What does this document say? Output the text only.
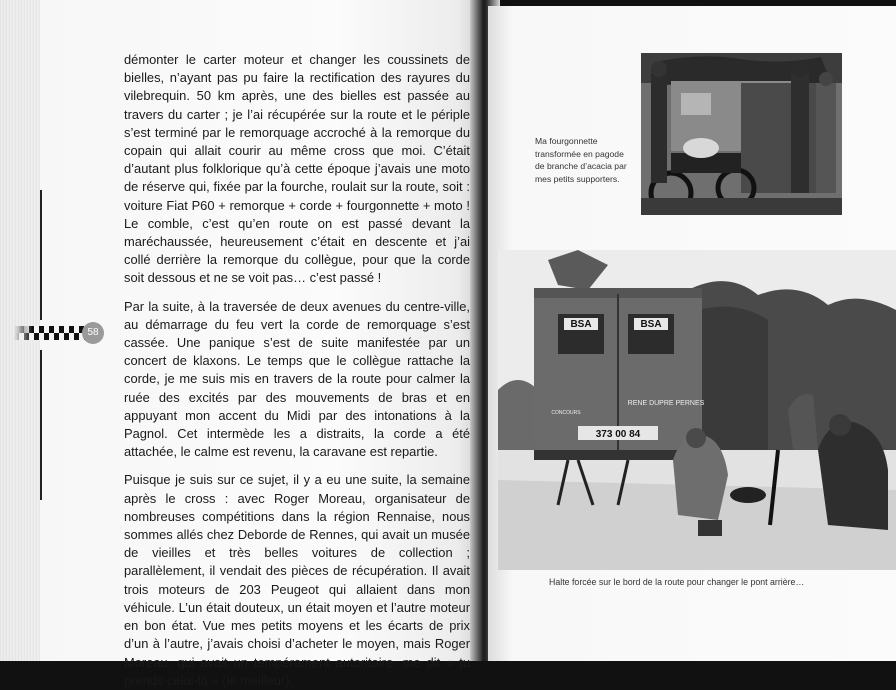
58

démonter le carter moteur et changer les coussinets de bielles, n’ayant pas pu faire la rectification des rayures du vilebrequin. 50 km après, une des bielles est passée au travers du carter ; je l’ai récupérée sur la route et le périple s’est terminé par le remorquage accroché à la remorque du copain qui allait courir au même cross que moi. C’était d’autant plus folklorique qu’à cette époque j’avais une moto de réserve qui, fixée par la fourche, roulait sur la route, soit : voiture Fiat P60 + remorque + corde + fourgonnette + moto ! Le comble, c’est qu’en route on est passé devant la maréchaussée, heureusement c’était en descente et j’ai collé derrière la remorque du collègue, pour que la corde soit dessous et ne se voit pas… c’est passé !

Par la suite, à la traversée de deux avenues du centre-ville, au démarrage du feu vert la corde de remorquage s’est cassée. Une panique s’est de suite manifestée par un concert de klaxons. Le temps que le collègue rattache la corde, je me suis mis en travers de la route pour calmer la ruée des excités par des mouvements de bras et en appuyant mon accent du Midi par des intonations à la Pagnol. Cet intermède les a distraits, la corde a été attachée, le calme est revenu, la caravane est repartie.

Puisque je suis sur ce sujet, il y a eu une suite, la semaine après le cross : avec Roger Moreau, organisateur de nombreuses compétitions dans la région Rennaise, nous sommes allés chez Deborde de Rennes, qui avait un musée de vieilles et très belles voitures de collection ; parallèlement, il vendait des pièces de récupération. Il avait trois moteurs de 203 Peugeot qui allaient dans mon véhicule. L’un était douteux, un était moyen et l’autre moteur en bon état. Vue mes petits moyens et les écarts de prix d’un à l’autre, j’avais choisi d’acheter le moyen, mais Roger Moreau, qui avait un tempérament autoritaire, me dit « tu prends celui-là » (le meilleur).

Ma fourgonnette transformée en pagode de branche d’acacia par mes petits supporters.
BSA	BSA
RENE DUPRE PERNES
CONCOURS
373 00 84
Halte forcée sur le bord de la route pour changer le pont arrière…
